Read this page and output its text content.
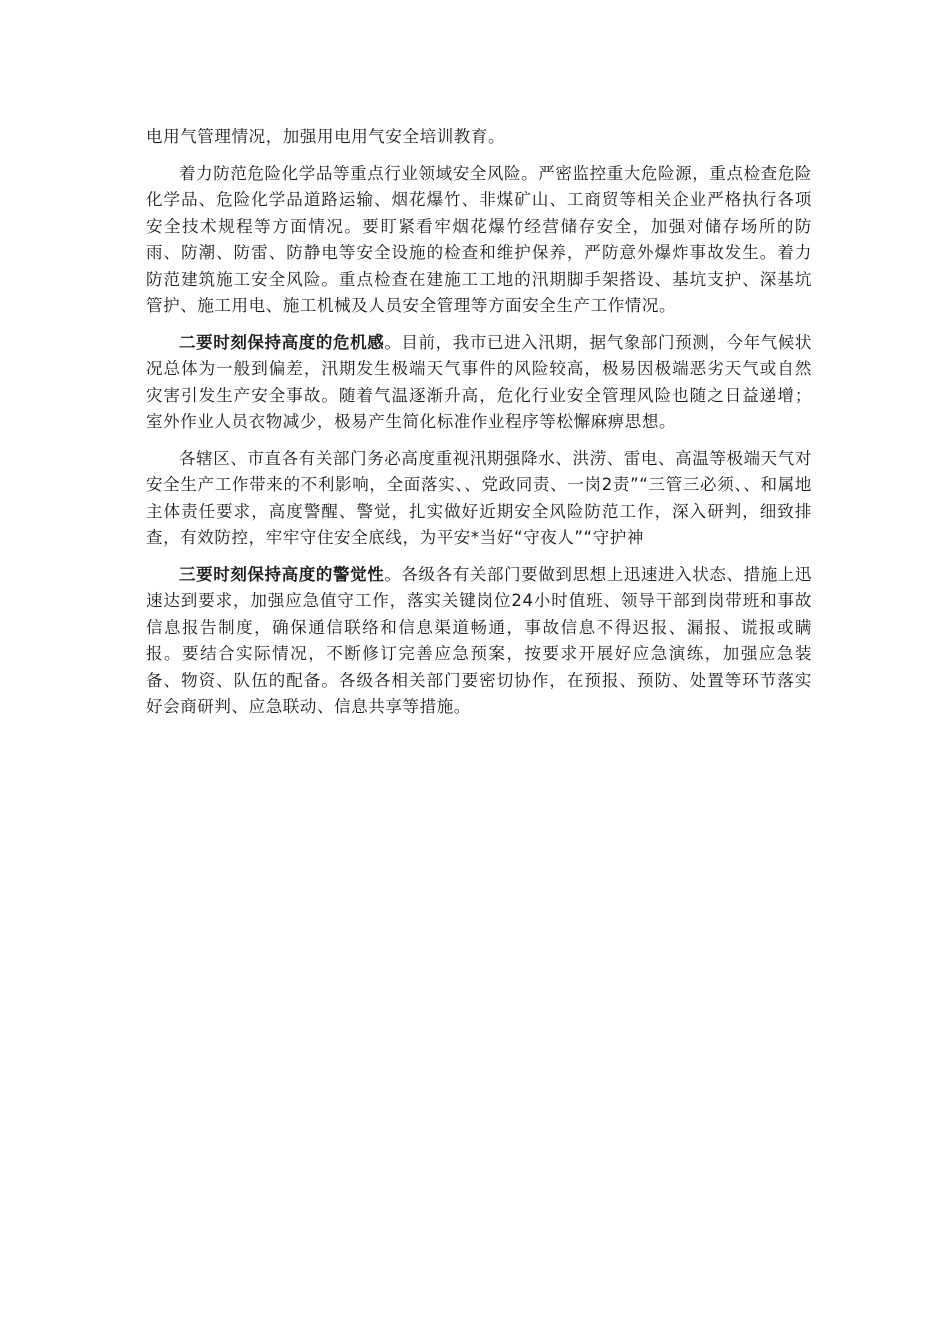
电用气管理情况，加强用电用气安全培训教育。

着力防范危险化学品等重点行业领域安全风险。严密监控重大危险源，重点检查危险化学品、危险化学品道路运输、烟花爆竹、非煤矿山、工商贸等相关企业严格执行各项安全技术规程等方面情况。要盯紧看牢烟花爆竹经营储存安全，加强对储存场所的防雨、防潮、防雷、防静电等安全设施的检查和维护保养，严防意外爆炸事故发生。着力防范建筑施工安全风险。重点检查在建施工工地的汛期脚手架搭设、基坑支护、深基坑管护、施工用电、施工机械及人员安全管理等方面安全生产工作情况。

二要时刻保持高度的危机感。目前，我市已进入汛期，据气象部门预测，今年气候状况总体为一般到偏差，汛期发生极端天气事件的风险较高，极易因极端恶劣天气或自然灾害引发生产安全事故。随着气温逐渐升高，危化行业安全管理风险也随之日益递增；室外作业人员衣物减少，极易产生简化标准作业程序等松懈麻痹思想。

各辖区、市直各有关部门务必高度重视汛期强降水、洪涝、雷电、高温等极端天气对安全生产工作带来的不利影响，全面落实、、党政同责、一岗2责”“三管三必须、、和属地主体责任要求，高度警醒、警觉，扎实做好近期安全风险防范工作，深入研判，细致排查，有效防控，牢牢守住安全底线，为平安*当好“守夜人”“守护神

三要时刻保持高度的警觉性。各级各有关部门要做到思想上迅速进入状态、措施上迅速达到要求，加强应急值守工作，落实关键岗位24小时值班、领导干部到岗带班和事故信息报告制度，确保通信联络和信息渠道畅通，事故信息不得迟报、漏报、谎报或瞒报。要结合实际情况，不断修订完善应急预案，按要求开展好应急演练，加强应急装备、物资、队伍的配备。各级各相关部门要密切协作，在预报、预防、处置等环节落实好会商研判、应急联动、信息共享等措施。
